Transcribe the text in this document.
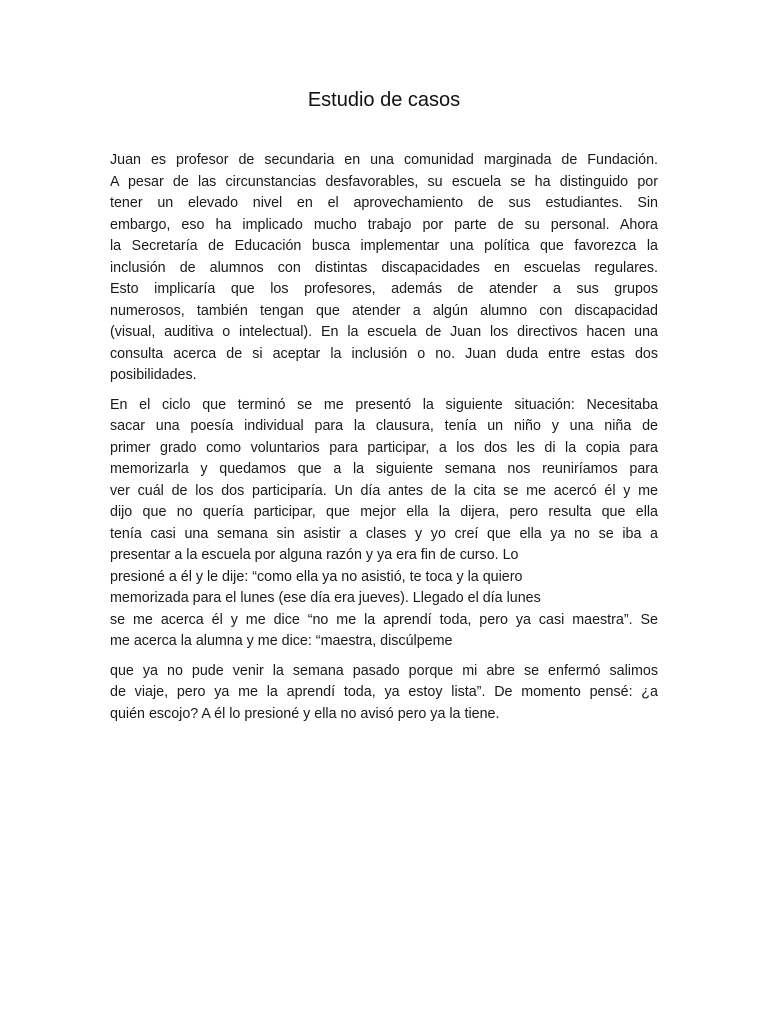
Estudio de casos

Juan es profesor de secundaria en una comunidad marginada de Fundación.
A pesar de las circunstancias desfavorables, su escuela se ha distinguido por
tener un elevado nivel en el aprovechamiento de sus estudiantes. Sin
embargo, eso ha implicado mucho trabajo por parte de su personal. Ahora
la Secretaría de Educación busca implementar una política que favorezca la
inclusión de alumnos con distintas discapacidades en escuelas regulares.
Esto implicaría que los profesores, además de atender a sus grupos
numerosos, también tengan que atender a algún alumno con discapacidad
(visual, auditiva o intelectual). En la escuela de Juan los directivos hacen una
consulta acerca de si aceptar la inclusión o no. Juan duda entre estas dos
posibilidades.

En el ciclo que terminó se me presentó la siguiente situación: Necesitaba
sacar una poesía individual para la clausura, tenía un niño y una niña de
primer grado como voluntarios para participar, a los dos les di la copia para
memorizarla y quedamos que a la siguiente semana nos reuniríamos para
ver cuál de los dos participaría. Un día antes de la cita se me acercó él y me
dijo que no quería participar, que mejor ella la dijera, pero resulta que ella
tenía casi una semana sin asistir a clases y yo creí que ella ya no se iba a
presentar a la escuela por alguna razón y ya era fin de curso. Lo
presioné a él y le dije: “como ella ya no asistió, te toca y la quiero
memorizada para el lunes (ese día era jueves). Llegado el día lunes
se me acerca él y me dice “no me la aprendí toda, pero ya casi maestra”. Se
me acerca la alumna y me dice: “maestra, discúlpeme

que ya no pude venir la semana pasado porque mi abre se enfermó salimos
de viaje, pero ya me la aprendí toda, ya estoy lista”. De momento pensé: ¿a
quién escojo? A él lo presioné y ella no avisó pero ya la tiene.
